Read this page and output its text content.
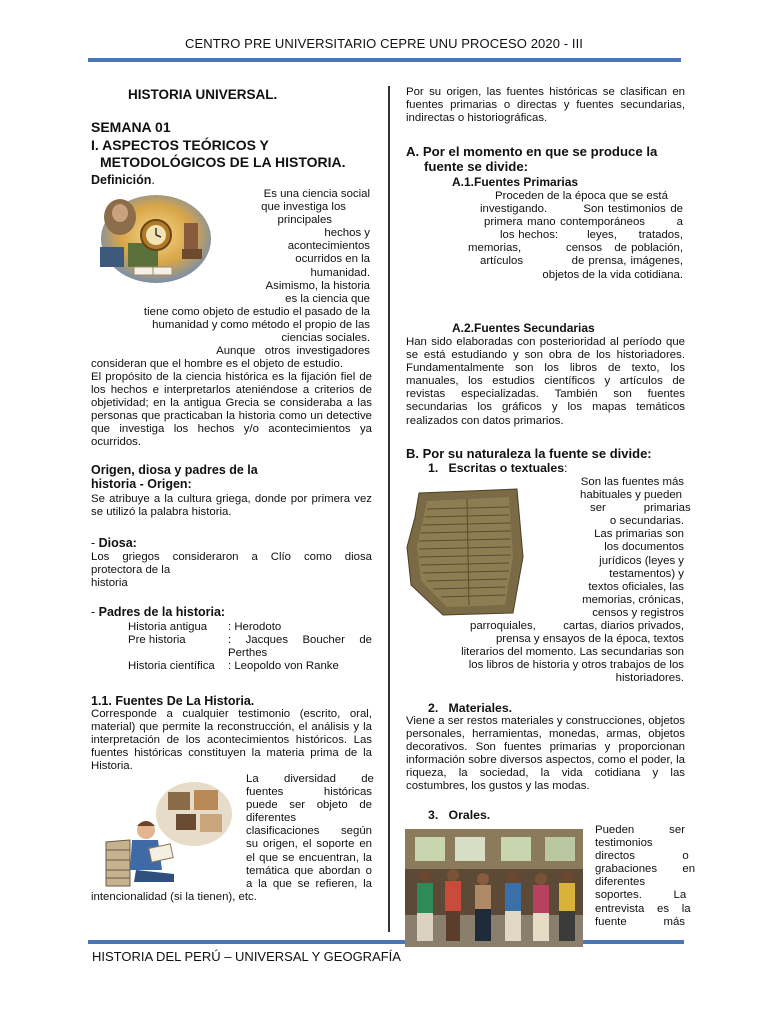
CENTRO PRE UNIVERSITARIO CEPRE UNU PROCESO 2020 - III
HISTORIA DEL PERÚ – UNIVERSAL Y GEOGRAFÍA
HISTORIA UNIVERSAL.
SEMANA 01
I. ASPECTOS TEÓRICOS Y
METODOLÓGICOS DE LA HISTORIA.
Definición.
Es una ciencia social
que investiga los
principales
hechos y
acontecimientos
ocurridos en la
humanidad.
Asimismo, la historia
es la ciencia que
tiene como objeto de estudio el pasado de la
humanidad y como método el propio de las
ciencias sociales.
Aunque   otros  investigadores
consideran que el hombre es el objeto de estudio.
El propósito de la ciencia histórica es la fijación fiel de los hechos e interpretarlos ateniéndose a criterios de objetividad; en la antigua Grecia se consideraba a las personas que practicaban la historia como un detective que investiga los hechos y/o acontecimientos ya ocurridos.
Origen, diosa y padres de la
historia - Origen:
Se atribuye a la cultura griega, donde por primera vez se utilizó la palabra historia.
- Diosa:
Los griegos consideraron a Clío como diosa
protectora de la
historia
- Padres de la historia:
Historia antigua	: Herodoto
Pre historia	:    Jacques    Boucher    de Perthes
Historia científica	: Leopoldo von Ranke
1.1. Fuentes De La Historia.
Corresponde a cualquier testimonio (escrito, oral, material) que permite la reconstrucción, el análisis y la interpretación de los acontecimientos históricos. Las fuentes históricas constituyen la materia prima de la Historia.
La        diversidad        de
fuentes          históricas
puede ser objeto de
diferentes
clasificaciones      según
su origen, el soporte en
el que se encuentran, la
temática que abordan o
a la que se refieren, la
intencionalidad (si la tienen), etc.
Por su origen, las fuentes históricas se clasifican en fuentes primarias o directas y fuentes secundarias, indirectas o historiográficas.
A. Por el momento en que se produce la
fuente se divide:
A.1.Fuentes Primarias
Proceden de la época que se está
investigando.        Son testimonios de
primera mano contemporáneos       a
los hechos:        leyes,      tratados,
memorias,           censos   de población,
artículos            de prensa, imágenes,
objetos de la vida cotidiana.
A.2.Fuentes Secundarias
Han sido elaboradas con posterioridad al período que se está estudiando y son obra de los historiadores. Fundamentalmente son los libros de texto, los manuales, los estudios científicos y artículos de revistas especializadas. También son fuentes secundarias los gráficos y los mapas temáticos realizados con datos primarios.
B. Por su naturaleza la fuente se divide:
1. Escritas o textuales:
Son las fuentes más
habituales y pueden
ser            primarias
o secundarias.
Las primarias son
los documentos
jurídicos (leyes y
testamentos) y
textos oficiales, las
memorias, crónicas,
censos y registros
parroquiales,        cartas, diarios privados,
prensa y ensayos de la época, textos
literarios del momento. Las secundarias son
los libros de historia y otros trabajos de los
historiadores.
2. Materiales.
Viene a ser restos materiales y construcciones, objetos personales, herramientas, monedas, armas, objetos decorativos. Son fuentes primarias y proporcionan información sobre diversos aspectos, como el poder, la riqueza, la sociedad, la vida cotidiana y las costumbres, los gustos y las modas.
3. Orales.
Pueden           ser
testimonios
directos               o
grabaciones        en
diferentes
soportes.          La
entrevista    es    la
fuente          más
